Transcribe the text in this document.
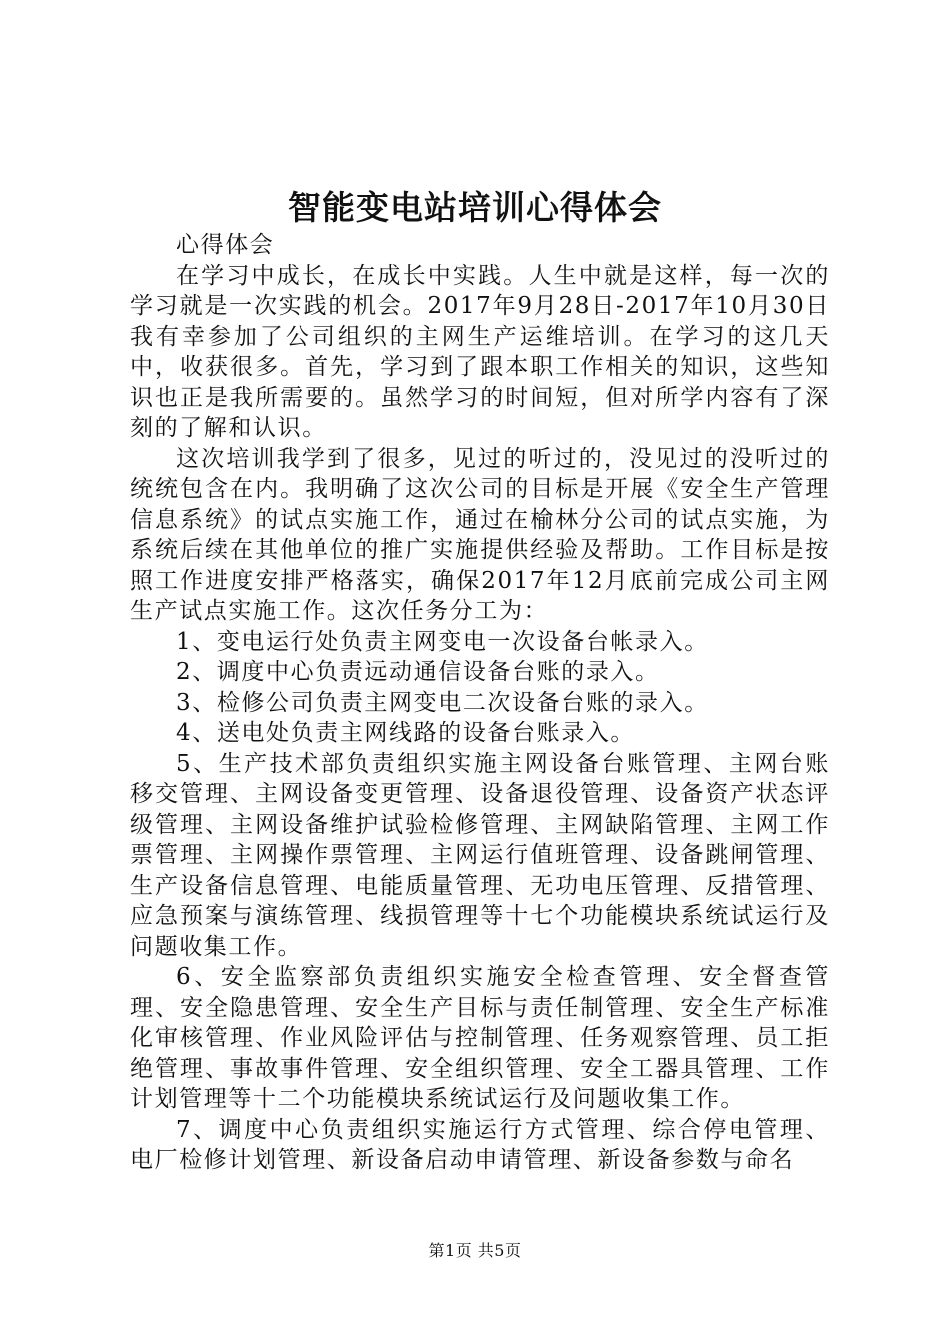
智能变电站培训心得体会

心得体会

在学习中成长，在成长中实践。人生中就是这样，每一次的学习就是一次实践的机会。2017年9月28日-2017年10月30日我有幸参加了公司组织的主网生产运维培训。在学习的这几天中，收获很多。首先，学习到了跟本职工作相关的知识，这些知识也正是我所需要的。虽然学习的时间短，但对所学内容有了深刻的了解和认识。

这次培训我学到了很多，见过的听过的，没见过的没听过的统统包含在内。我明确了这次公司的目标是开展《安全生产管理信息系统》的试点实施工作，通过在榆林分公司的试点实施，为系统后续在其他单位的推广实施提供经验及帮助。工作目标是按照工作进度安排严格落实，确保2017年12月底前完成公司主网生产试点实施工作。这次任务分工为：

1、变电运行处负责主网变电一次设备台帐录入。

2、调度中心负责远动通信设备台账的录入。

3、检修公司负责主网变电二次设备台账的录入。

4、送电处负责主网线路的设备台账录入。

5、生产技术部负责组织实施主网设备台账管理、主网台账移交管理、主网设备变更管理、设备退役管理、设备资产状态评级管理、主网设备维护试验检修管理、主网缺陷管理、主网工作票管理、主网操作票管理、主网运行值班管理、设备跳闸管理、生产设备信息管理、电能质量管理、无功电压管理、反措管理、应急预案与演练管理、线损管理等十七个功能模块系统试运行及问题收集工作。

6、安全监察部负责组织实施安全检查管理、安全督查管理、安全隐患管理、安全生产目标与责任制管理、安全生产标准化审核管理、作业风险评估与控制管理、任务观察管理、员工拒绝管理、事故事件管理、安全组织管理、安全工器具管理、工作计划管理等十二个功能模块系统试运行及问题收集工作。

7、调度中心负责组织实施运行方式管理、综合停电管理、电厂检修计划管理、新设备启动申请管理、新设备参数与命名

第1页 共5页
